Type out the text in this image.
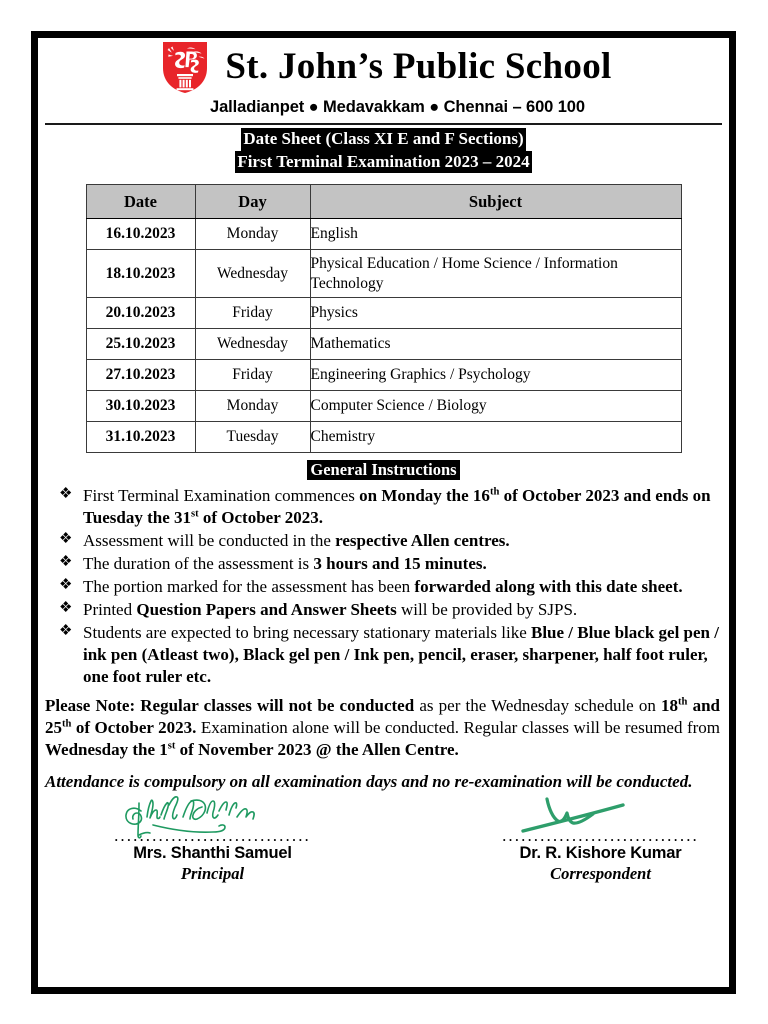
St. John’s Public School
Jalladianpet ● Medavakkam ● Chennai – 600 100
Date Sheet (Class XI E and F Sections)
First Terminal Examination 2023 – 2024
Date	Day	Subject
16.10.2023	Monday	English
18.10.2023	Wednesday	Physical Education / Home Science / Information Technology
20.10.2023	Friday	Physics
25.10.2023	Wednesday	Mathematics
27.10.2023	Friday	Engineering Graphics / Psychology
30.10.2023	Monday	Computer Science / Biology
31.10.2023	Tuesday	Chemistry
General Instructions
❖ First Terminal Examination commences on Monday the 16th of October 2023 and ends on Tuesday the 31st of October 2023.
❖ Assessment will be conducted in the respective Allen centres.
❖ The duration of the assessment is 3 hours and 15 minutes.
❖ The portion marked for the assessment has been forwarded along with this date sheet.
❖ Printed Question Papers and Answer Sheets will be provided by SJPS.
❖ Students are expected to bring necessary stationary materials like Blue / Blue black gel pen / ink pen (Atleast two), Black gel pen / Ink pen, pencil, eraser, sharpener, half foot ruler, one foot ruler etc.
Please Note: Regular classes will not be conducted as per the Wednesday schedule on 18th and 25th of October 2023. Examination alone will be conducted. Regular classes will be resumed from Wednesday the 1st of November 2023 @ the Allen Centre.
Attendance is compulsory on all examination days and no re-examination will be conducted.
...............................
Mrs. Shanthi Samuel
Principal
...............................
Dr. R. Kishore Kumar
Correspondent
